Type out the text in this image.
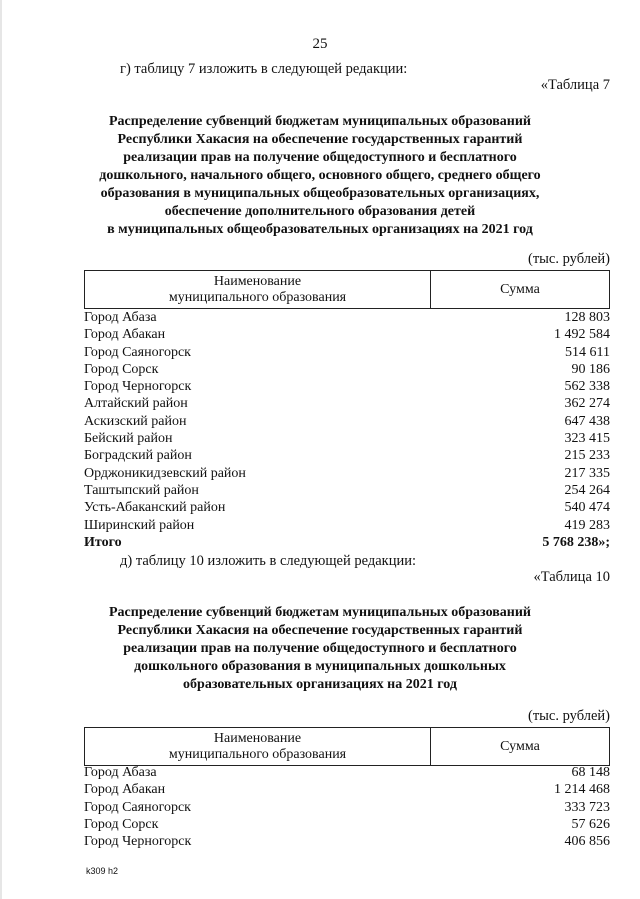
25
г) таблицу 7 изложить в следующей редакции:
«Таблица 7
Распределение субвенций бюджетам муниципальных образований
Республики Хакасия на обеспечение государственных гарантий
реализации прав на получение общедоступного и бесплатного
дошкольного, начального общего, основного общего, среднего общего
образования в муниципальных общеобразовательных организациях,
обеспечение дополнительного образования детей
в муниципальных общеобразовательных организациях на 2021 год
(тыс. рублей)
Наименование
муниципального образования
	Сумма
Город Абаза	128 803
Город Абакан	1 492 584
Город Саяногорск	514 611
Город Сорск	90 186
Город Черногорск	562 338
Алтайский район	362 274
Аскизский район	647 438
Бейский район	323 415
Боградский район	215 233
Орджоникидзевский район	217 335
Таштыпский район	254 264
Усть-Абаканский район	540 474
Ширинский район	419 283
Итого	5 768 238»;
д) таблицу 10 изложить в следующей редакции:
«Таблица 10
Распределение субвенций бюджетам муниципальных образований
Республики Хакасия на обеспечение государственных гарантий
реализации прав на получение общедоступного и бесплатного
дошкольного образования в муниципальных дошкольных
образовательных организациях на 2021 год
(тыс. рублей)
Наименование
муниципального образования
	Сумма
Город Абаза	68 148
Город Абакан	1 214 468
Город Саяногорск	333 723
Город Сорск	57 626
Город Черногорск	406 856
k309 h2
